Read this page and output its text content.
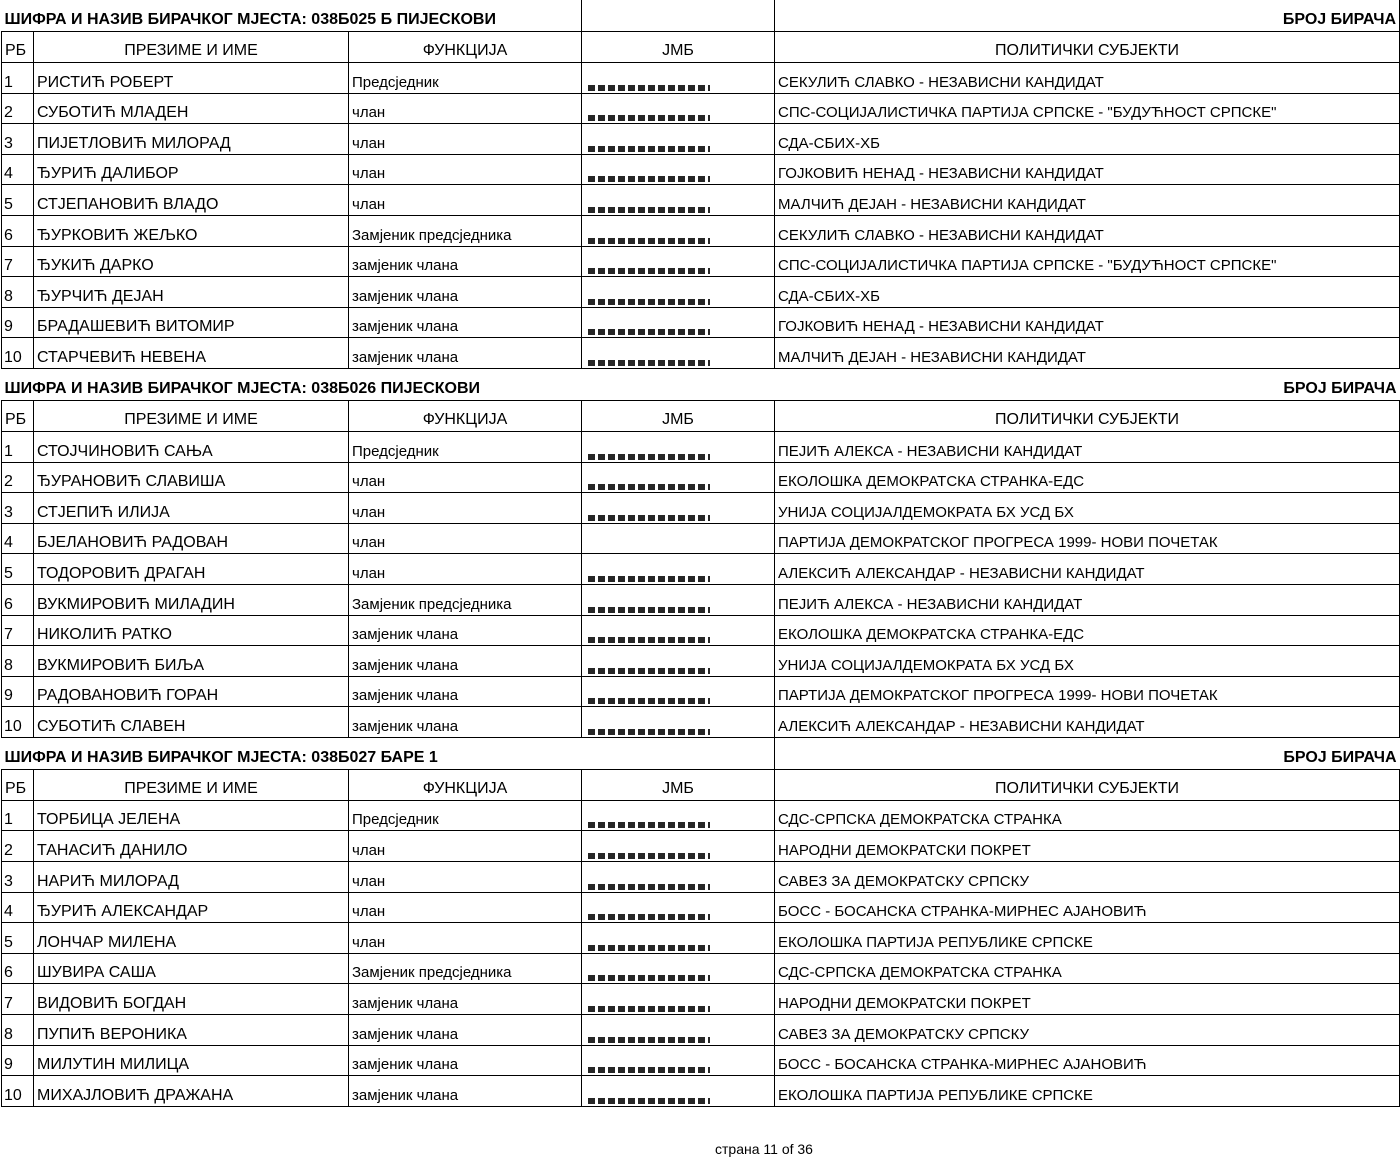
ШИФРА И НАЗИВ БИРАЧКОГ МЈЕСТА: 038Б025 Б ПИЈЕСКОВИ				БРОЈ БИРАЧА
РБ	ПРЕЗИМЕ И ИМЕ	ФУНКЦИЈА	ЈМБ	ПОЛИТИЧКИ СУБЈЕКТИ
1	РИСТИЋ РОБЕРТ	Предсједник		СЕКУЛИЋ СЛАВКО - НЕЗАВИСНИ КАНДИДАТ
2	СУБОТИЋ МЛАДЕН	члан		СПС-СОЦИЈАЛИСТИЧКА ПАРТИЈА СРПСКЕ - "БУДУЋНОСТ СРПСКЕ"
3	ПИЈЕТЛОВИЋ МИЛОРАД	члан		СДА-СБИХ-ХБ
4	ЂУРИЋ ДАЛИБОР	члан		ГОЈКОВИЋ НЕНАД - НЕЗАВИСНИ КАНДИДАТ
5	СТЈЕПАНОВИЋ ВЛАДО	члан		МАЛЧИЋ ДЕЈАН - НЕЗАВИСНИ КАНДИДАТ
6	ЂУРКОВИЋ ЖЕЉКО	Замјеник предсједника		СЕКУЛИЋ СЛАВКО - НЕЗАВИСНИ КАНДИДАТ
7	ЂУКИЋ ДАРКО	замјеник члана		СПС-СОЦИЈАЛИСТИЧКА ПАРТИЈА СРПСКЕ - "БУДУЋНОСТ СРПСКЕ"
8	ЂУРЧИЋ ДЕЈАН	замјеник члана		СДА-СБИХ-ХБ
9	БРАДАШЕВИЋ ВИТОМИР	замјеник члана		ГОЈКОВИЋ НЕНАД - НЕЗАВИСНИ КАНДИДАТ
10	СТАРЧЕВИЋ НЕВЕНА	замјеник члана		МАЛЧИЋ ДЕЈАН - НЕЗАВИСНИ КАНДИДАТ
ШИФРА И НАЗИВ БИРАЧКОГ МЈЕСТА: 038Б026 ПИЈЕСКОВИ				БРОЈ БИРАЧА
РБ	ПРЕЗИМЕ И ИМЕ	ФУНКЦИЈА	ЈМБ	ПОЛИТИЧКИ СУБЈЕКТИ
1	СТОЈЧИНОВИЋ САЊА	Предсједник		ПЕЈИЋ АЛЕКСА - НЕЗАВИСНИ КАНДИДАТ
2	ЂУРАНОВИЋ СЛАВИША	члан		ЕКОЛОШКА ДЕМОКРАТСКА СТРАНКА-ЕДС
3	СТЈЕПИЋ ИЛИЈА	члан		УНИЈА СОЦИЈАЛДЕМОКРАТА БХ УСД БХ
4	БЈЕЛАНОВИЋ РАДОВАН	члан		ПАРТИЈА ДЕМОКРАТСКОГ ПРОГРЕСА 1999- НОВИ ПОЧЕТАК
5	ТОДОРОВИЋ ДРАГАН	члан		АЛЕКСИЋ АЛЕКСАНДАР - НЕЗАВИСНИ КАНДИДАТ
6	ВУКМИРОВИЋ МИЛАДИН	Замјеник предсједника		ПЕЈИЋ АЛЕКСА - НЕЗАВИСНИ КАНДИДАТ
7	НИКОЛИЋ РАТКО	замјеник члана		ЕКОЛОШКА ДЕМОКРАТСКА СТРАНКА-ЕДС
8	ВУКМИРОВИЋ БИЉА	замјеник члана		УНИЈА СОЦИЈАЛДЕМОКРАТА БХ УСД БХ
9	РАДОВАНОВИЋ ГОРАН	замјеник члана		ПАРТИЈА ДЕМОКРАТСКОГ ПРОГРЕСА 1999- НОВИ ПОЧЕТАК
10	СУБОТИЋ СЛАВЕН	замјеник члана		АЛЕКСИЋ АЛЕКСАНДАР - НЕЗАВИСНИ КАНДИДАТ
ШИФРА И НАЗИВ БИРАЧКОГ МЈЕСТА: 038Б027 БАРЕ 1				БРОЈ БИРАЧА
РБ	ПРЕЗИМЕ И ИМЕ	ФУНКЦИЈА	ЈМБ	ПОЛИТИЧКИ СУБЈЕКТИ
1	ТОРБИЦА ЈЕЛЕНА	Предсједник		СДС-СРПСКА ДЕМОКРАТСКА СТРАНКА
2	ТАНАСИЋ ДАНИЛО	члан		НАРОДНИ ДЕМОКРАТСКИ ПОКРЕТ
3	НАРИЋ МИЛОРАД	члан		САВЕЗ ЗА ДЕМОКРАТСКУ СРПСКУ
4	ЂУРИЋ АЛЕКСАНДАР	члан		БОСС - БОСАНСКА СТРАНКА-МИРНЕС АЈАНОВИЋ
5	ЛОНЧАР МИЛЕНА	члан		ЕКОЛОШКА ПАРТИЈА РЕПУБЛИКЕ СРПСКЕ
6	ШУВИРА САША	Замјеник предсједника		СДС-СРПСКА ДЕМОКРАТСКА СТРАНКА
7	ВИДОВИЋ БОГДАН	замјеник члана		НАРОДНИ ДЕМОКРАТСКИ ПОКРЕТ
8	ПУПИЋ ВЕРОНИКА	замјеник члана		САВЕЗ ЗА ДЕМОКРАТСКУ СРПСКУ
9	МИЛУТИН МИЛИЦА	замјеник члана		БОСС - БОСАНСКА СТРАНКА-МИРНЕС АЈАНОВИЋ
10	МИХАЈЛОВИЋ ДРАЖАНА	замјеник члана		ЕКОЛОШКА ПАРТИЈА РЕПУБЛИКЕ СРПСКЕ
страна 11 of 36
